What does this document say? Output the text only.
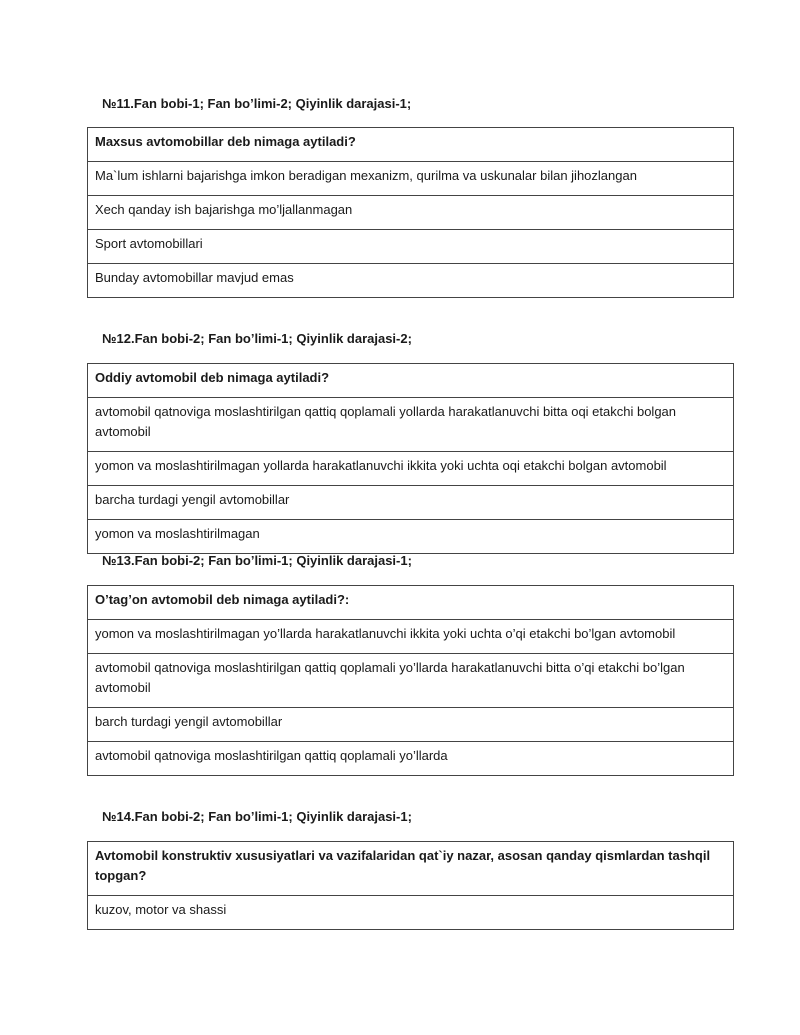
№11.Fan bobi-1; Fan bo’limi-2; Qiyinlik darajasi-1;
Maxsus avtomobillar deb nimaga aytiladi?
Ma`lum ishlarni bajarishga imkon beradigan mexanizm, qurilma va uskunalar bilan jihozlangan
Xech qanday ish bajarishga mo’ljallanmagan
Sport avtomobillari
Bunday avtomobillar mavjud emas
№12.Fan bobi-2; Fan bo’limi-1; Qiyinlik darajasi-2;
Oddiy avtomobil deb nimaga aytiladi?
avtomobil qatnoviga moslashtirilgan qattiq qoplamali yollarda harakatlanuvchi bitta oqi etakchi bolgan avtomobil
yomon va moslashtirilmagan yollarda harakatlanuvchi ikkita yoki uchta oqi etakchi bolgan avtomobil
barcha turdagi yengil avtomobillar
yomon va moslashtirilmagan
№13.Fan bobi-2; Fan bo’limi-1; Qiyinlik darajasi-1;
O’tag’on avtomobil deb nimaga aytiladi?:
yomon va moslashtirilmagan yo’llarda harakatlanuvchi ikkita yoki uchta o’qi etakchi bo’lgan avtomobil
avtomobil qatnoviga moslashtirilgan qattiq qoplamali yo’llarda harakatlanuvchi bitta o’qi etakchi bo’lgan avtomobil
barch turdagi yengil avtomobillar
avtomobil qatnoviga moslashtirilgan qattiq qoplamali yo’llarda
№14.Fan bobi-2; Fan bo’limi-1; Qiyinlik darajasi-1;
Avtomobil konstruktiv xususiyatlari va vazifalaridan qat`iy nazar, asosan qanday qismlardan tashqil topgan?
kuzov, motor va shassi
